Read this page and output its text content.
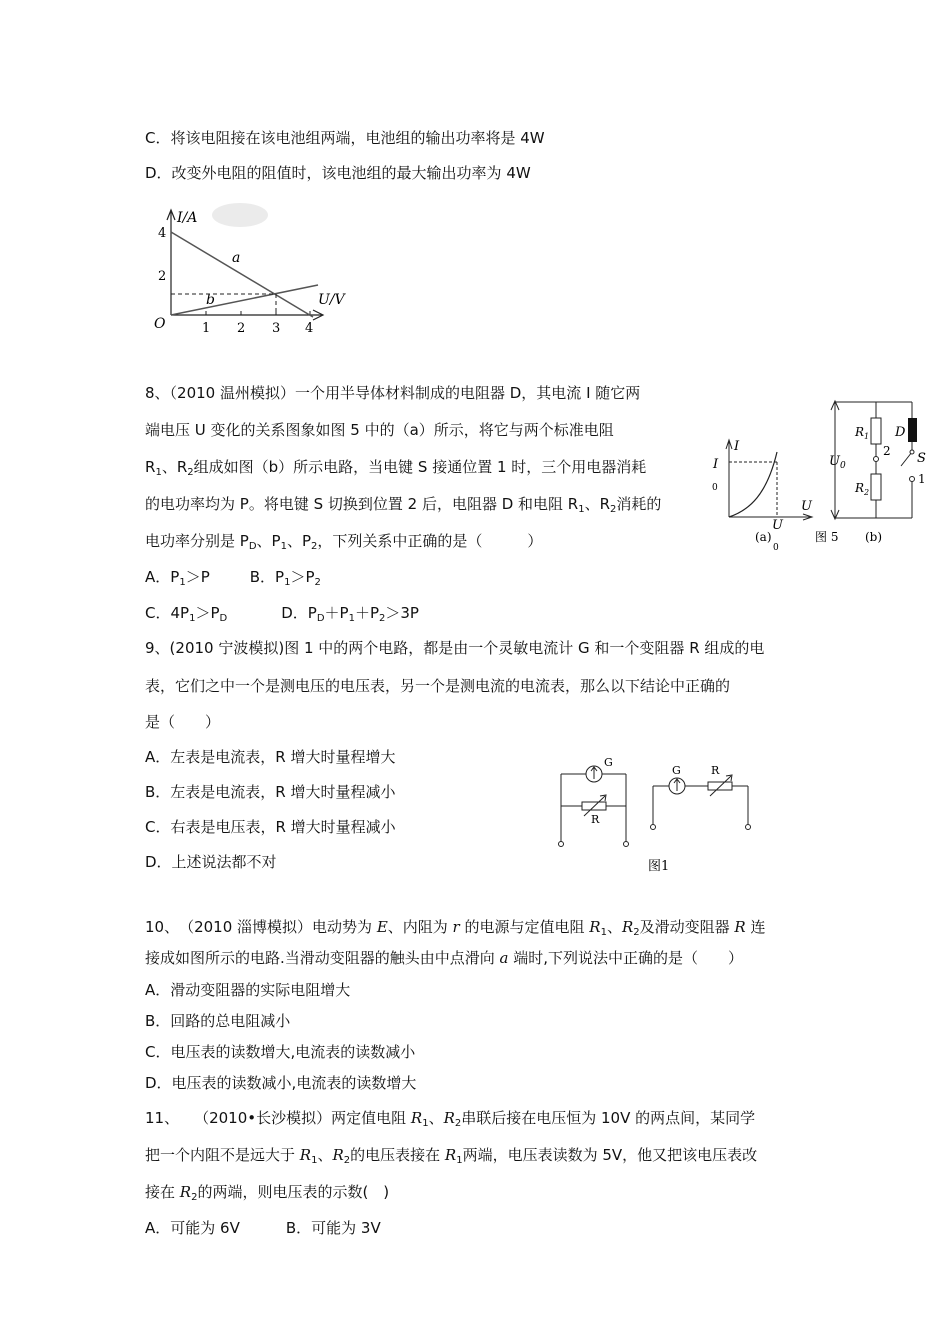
C．将该电阻接在该电池组两端，电池组的输出功率将是 4W
D．改变外电阻的阻值时，该电池组的最大输出功率为 4W
I/A
U/V
O
4
2
1 2 3 4
a
b
8、（2010 温州模拟）一个用半导体材料制成的电阻器 D，其电流 I 随它两
端电压 U 变化的关系图象如图 5 中的（a）所示，将它与两个标准电阻
$R_1$、$R_2$组成如图（b）所示电路，当电键 S 接通位置 1 时，三个用电器消耗
的电功率均为 P。将电键 S 切换到位置 2 后，电阻器 D 和电阻 $R_1$、$R_2$消耗的
电功率分别是 $P_D$、$P_1$、$P_2$，下列关系中正确的是（　　　）
A．$P_1>P$	B．$P_1>P_2$
C．$4P_1>P_D$	D．$P_D+P_1+P_2>3P$
I
U
I
0
U
0
(a)	图 5
$U_0$
$R_1$
$R_2$
2
D
S
1
(b)
9、(2010 宁波模拟)图 1 中的两个电路，都是由一个灵敏电流计 G 和一个变阻器 R 组成的电
表，它们之中一个是测电压的电压表，另一个是测电流的电流表，那么以下结论中正确的
是（　　）
A．左表是电流表，R 增大时量程增大
B．左表是电流表，R 增大时量程减小
C．右表是电压表，R 增大时量程减小
D．上述说法都不对
G
R
G	R
图1
10、　（2010 淄博模拟）电动势为 E、内阻为 r 的电源与定值电阻 $R_1$、$R_2$及滑动变阻器 R 连
接成如图所示的电路.当滑动变阻器的触头由中点滑向 a 端时,下列说法中正确的是（　　）
A．滑动变阻器的实际电阻增大
B．回路的总电阻减小
C．电压表的读数增大,电流表的读数减小
D．电压表的读数减小,电流表的读数增大
11、　　（2010•长沙模拟）两定值电阻 $R_1$、$R_2$串联后接在电压恒为 10V 的两点间，某同学
把一个内阻不是远大于 $R_1$、$R_2$的电压表接在 $R_1$两端，电压表读数为 5V，他又把该电压表改
接在 $R_2$的两端，则电压表的示数(　)
A．可能为 6V	B．可能为 3V
